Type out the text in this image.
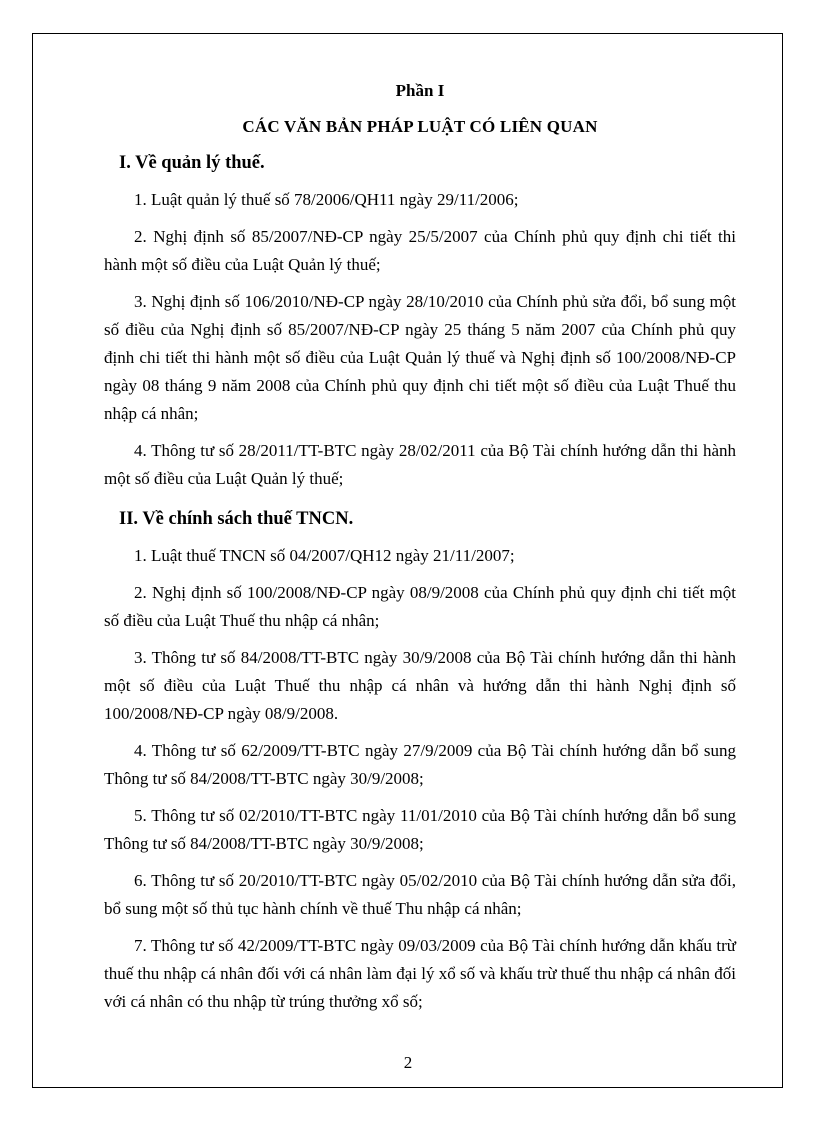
Phần I

CÁC VĂN BẢN PHÁP LUẬT CÓ LIÊN QUAN

I. Về quản lý thuế.

1. Luật quản lý thuế số 78/2006/QH11 ngày 29/11/2006;

2. Nghị định số 85/2007/NĐ-CP ngày 25/5/2007 của Chính phủ quy định chi tiết thi hành một số điều của Luật Quản lý thuế;

3. Nghị định số 106/2010/NĐ-CP ngày 28/10/2010 của Chính phủ sửa đổi, bổ sung một số điều của Nghị định số 85/2007/NĐ-CP ngày 25 tháng 5 năm 2007 của Chính phủ quy định chi tiết thi hành một số điều của Luật Quản lý thuế và Nghị định số 100/2008/NĐ-CP ngày 08 tháng 9 năm 2008 của Chính phủ quy định chi tiết một số điều của Luật Thuế thu nhập cá nhân;

4. Thông tư số 28/2011/TT-BTC ngày 28/02/2011 của Bộ Tài chính hướng dẫn thi hành một số điều của Luật Quản lý thuế;

II. Về chính sách thuế TNCN.

1. Luật thuế TNCN số 04/2007/QH12 ngày 21/11/2007;

2. Nghị định số 100/2008/NĐ-CP ngày 08/9/2008 của Chính phủ quy định chi tiết một số điều của Luật Thuế thu nhập cá nhân;

3. Thông tư số 84/2008/TT-BTC ngày 30/9/2008 của Bộ Tài chính hướng dẫn thi hành một số điều của Luật Thuế thu nhập cá nhân và hướng dẫn thi hành Nghị định số 100/2008/NĐ-CP ngày 08/9/2008.

4. Thông tư số 62/2009/TT-BTC ngày 27/9/2009 của Bộ Tài chính hướng dẫn bổ sung Thông tư số 84/2008/TT-BTC ngày 30/9/2008;

5. Thông tư số 02/2010/TT-BTC ngày 11/01/2010 của Bộ Tài chính hướng dẫn bổ sung Thông tư số 84/2008/TT-BTC ngày 30/9/2008;

6. Thông tư số 20/2010/TT-BTC ngày 05/02/2010 của Bộ Tài chính hướng dẫn sửa đổi, bổ sung một số thủ tục hành chính về thuế Thu nhập cá nhân;

7. Thông tư số 42/2009/TT-BTC ngày 09/03/2009 của Bộ Tài chính hướng dẫn khấu trừ thuế thu nhập cá nhân đối với cá nhân làm đại lý xổ số và khấu trừ thuế thu nhập cá nhân đối với cá nhân có thu nhập từ trúng thưởng xổ số;

2
